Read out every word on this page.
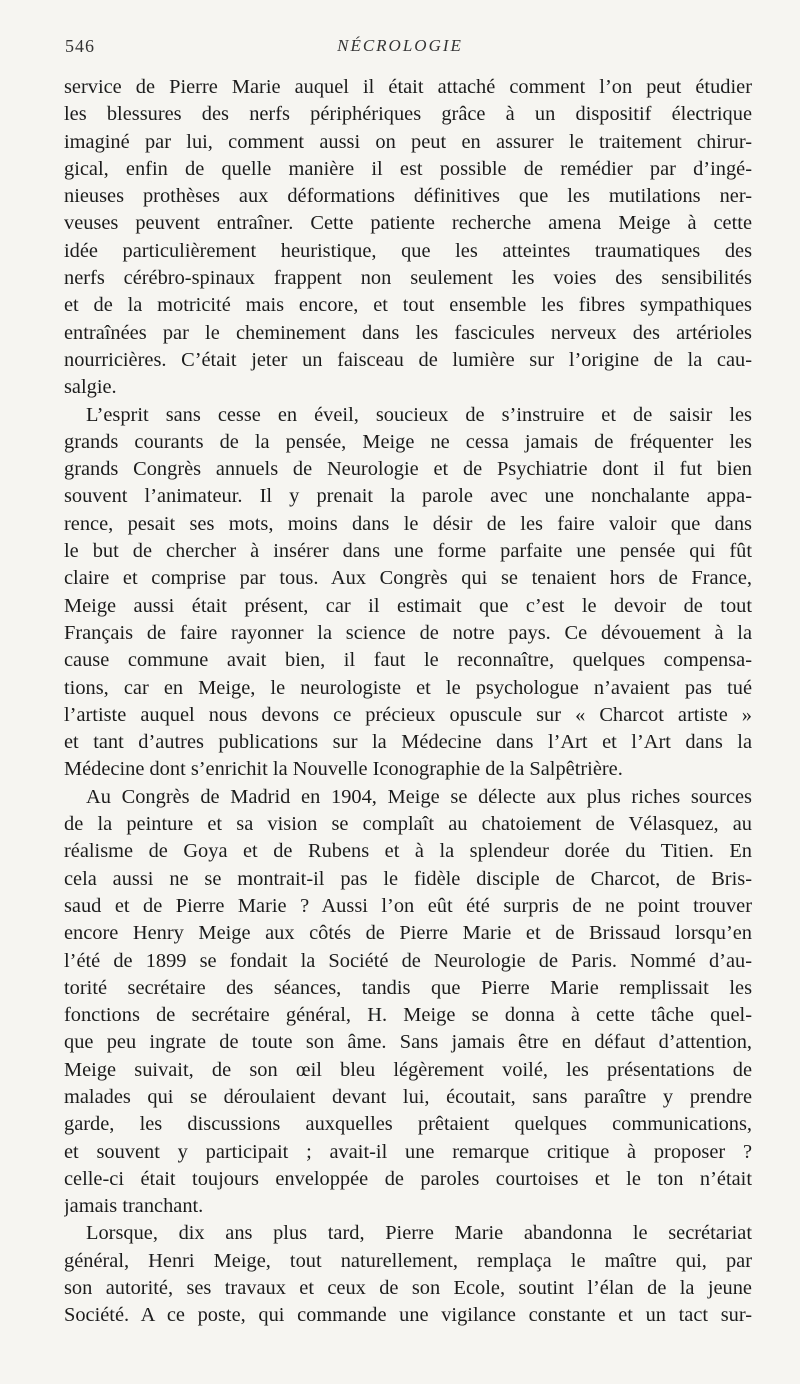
546	NÉCROLOGIE
service de Pierre Marie auquel il était attaché comment l’on peut étudier
les blessures des nerfs périphériques grâce à un dispositif électrique
imaginé par lui, comment aussi on peut en assurer le traitement chirur-
gical, enfin de quelle manière il est possible de remédier par d’ingé-
nieuses prothèses aux déformations définitives que les mutilations ner-
veuses peuvent entraîner. Cette patiente recherche amena Meige à cette
idée particulièrement heuristique, que les atteintes traumatiques des
nerfs cérébro-spinaux frappent non seulement les voies des sensibilités
et de la motricité mais encore, et tout ensemble les fibres sympathiques
entraînées par le cheminement dans les fascicules nerveux des artérioles
nourricières. C’était jeter un faisceau de lumière sur l’origine de la cau-
salgie.
L’esprit sans cesse en éveil, soucieux de s’instruire et de saisir les
grands courants de la pensée, Meige ne cessa jamais de fréquenter les
grands Congrès annuels de Neurologie et de Psychiatrie dont il fut bien
souvent l’animateur. Il y prenait la parole avec une nonchalante appa-
rence, pesait ses mots, moins dans le désir de les faire valoir que dans
le but de chercher à insérer dans une forme parfaite une pensée qui fût
claire et comprise par tous. Aux Congrès qui se tenaient hors de France,
Meige aussi était présent, car il estimait que c’est le devoir de tout
Français de faire rayonner la science de notre pays. Ce dévouement à la
cause commune avait bien, il faut le reconnaître, quelques compensa-
tions, car en Meige, le neurologiste et le psychologue n’avaient pas tué
l’artiste auquel nous devons ce précieux opuscule sur « Charcot artiste »
et tant d’autres publications sur la Médecine dans l’Art et l’Art dans la
Médecine dont s’enrichit la Nouvelle Iconographie de la Salpêtrière.
Au Congrès de Madrid en 1904, Meige se délecte aux plus riches sources
de la peinture et sa vision se complaît au chatoiement de Vélasquez, au
réalisme de Goya et de Rubens et à la splendeur dorée du Titien. En
cela aussi ne se montrait-il pas le fidèle disciple de Charcot, de Bris-
saud et de Pierre Marie ? Aussi l’on eût été surpris de ne point trouver
encore Henry Meige aux côtés de Pierre Marie et de Brissaud lorsqu’en
l’été de 1899 se fondait la Société de Neurologie de Paris. Nommé d’au-
torité secrétaire des séances, tandis que Pierre Marie remplissait les
fonctions de secrétaire général, H. Meige se donna à cette tâche quel-
que peu ingrate de toute son âme. Sans jamais être en défaut d’attention,
Meige suivait, de son œil bleu légèrement voilé, les présentations de
malades qui se déroulaient devant lui, écoutait, sans paraître y prendre
garde, les discussions auxquelles prêtaient quelques communications,
et souvent y participait ; avait-il une remarque critique à proposer ?
celle-ci était toujours enveloppée de paroles courtoises et le ton n’était
jamais tranchant.
Lorsque, dix ans plus tard, Pierre Marie abandonna le secrétariat
général, Henri Meige, tout naturellement, remplaça le maître qui, par
son autorité, ses travaux et ceux de son Ecole, soutint l’élan de la jeune
Société. A ce poste, qui commande une vigilance constante et un tact sur-
